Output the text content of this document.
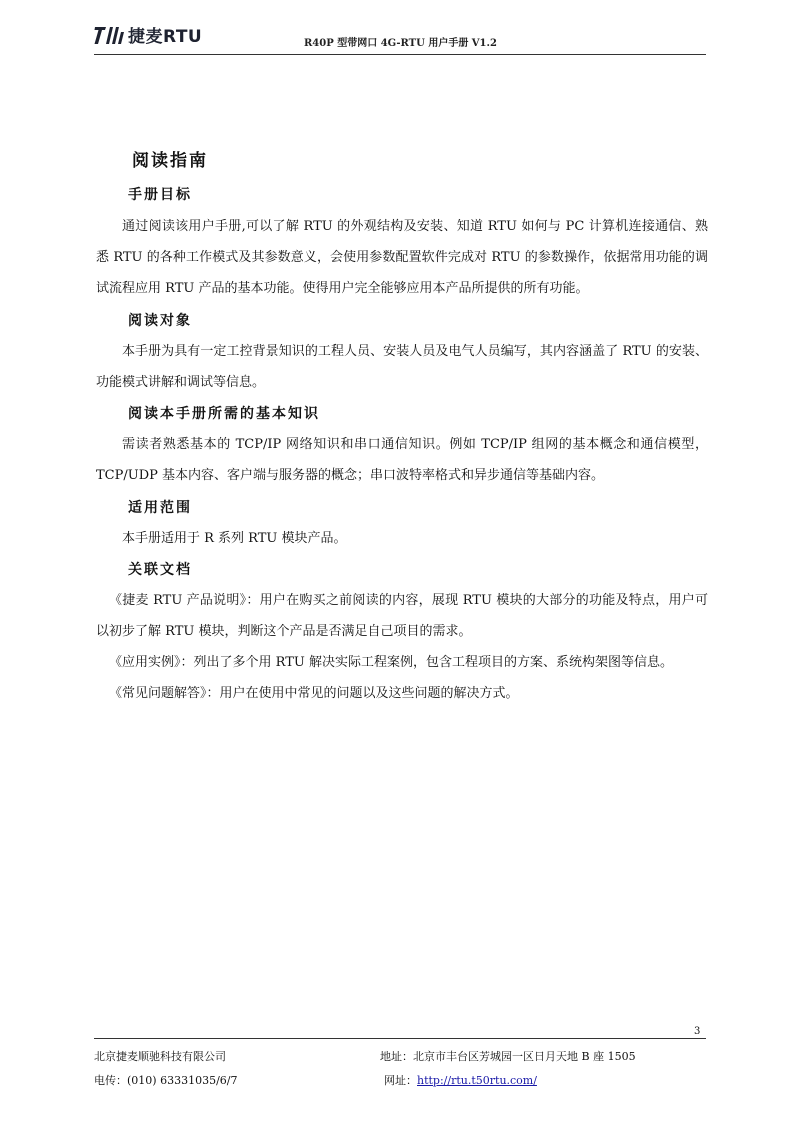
捷麦RTU	R40P 型带网口 4G-RTU 用户手册 V1.2
阅读指南
手册目标

通过阅读该用户手册,可以了解 RTU 的外观结构及安装、知道 RTU 如何与 PC 计算机连接通信、熟悉 RTU 的各种工作模式及其参数意义，会使用参数配置软件完成对 RTU 的参数操作，依据常用功能的调试流程应用 RTU 产品的基本功能。使得用户完全能够应用本产品所提供的所有功能。

阅读对象

本手册为具有一定工控背景知识的工程人员、安装人员及电气人员编写，其内容涵盖了 RTU 的安装、功能模式讲解和调试等信息。

阅读本手册所需的基本知识

需读者熟悉基本的 TCP/IP 网络知识和串口通信知识。例如 TCP/IP 组网的基本概念和通信模型，TCP/UDP 基本内容、客户端与服务器的概念；串口波特率格式和异步通信等基础内容。

适用范围

本手册适用于 R 系列 RTU 模块产品。

关联文档

《捷麦 RTU 产品说明》：用户在购买之前阅读的内容，展现 RTU 模块的大部分的功能及特点，用户可以初步了解 RTU 模块，判断这个产品是否满足自己项目的需求。

《应用实例》：列出了多个用 RTU 解决实际工程案例，包含工程项目的方案、系统构架图等信息。

《常见问题解答》：用户在使用中常见的问题以及这些问题的解决方式。

3
北京捷麦顺驰科技有限公司	地址：北京市丰台区芳城园一区日月天地 B 座 1505
电传：(010) 63331035/6/7	网址：http://rtu.t50rtu.com/
